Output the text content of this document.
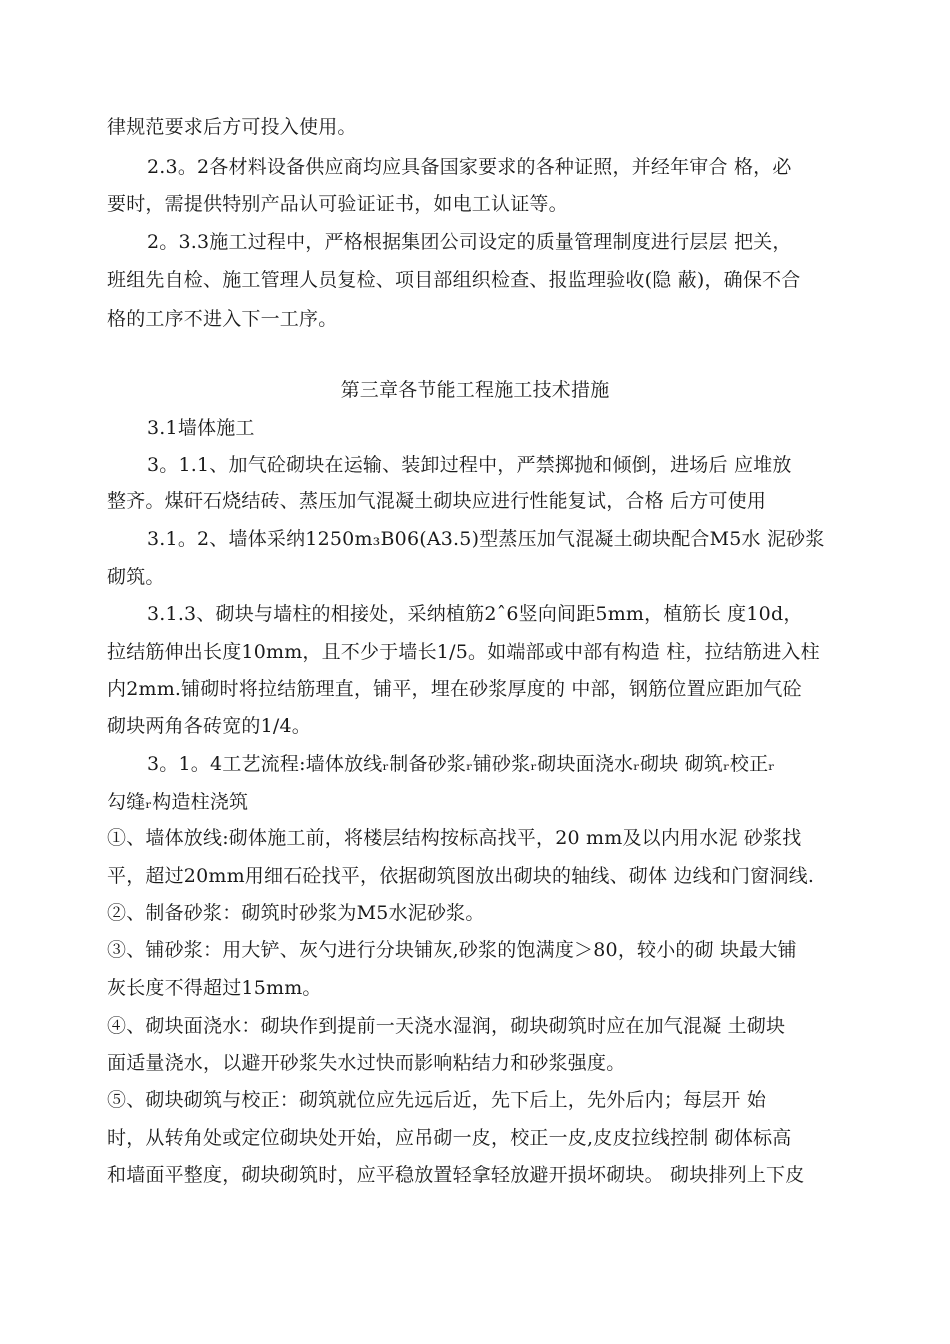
律规范要求后方可投入使用。
2.3。2各材料设备供应商均应具备国家要求的各种证照，并经年审合 格，必
要时，需提供特别产品认可验证证书，如电工认证等。
2。3.3施工过程中，严格根据集团公司设定的质量管理制度进行层层 把关，
班组先自检、施工管理人员复检、项目部组织检查、报监理验收(隐 蔽)，确保不合
格的工序不进入下一工序。
第三章各节能工程施工技术措施
3.1墙体施工
3。1.1、加气砼砌块在运输、装卸过程中，严禁掷抛和倾倒，进场后 应堆放
整齐。煤矸石烧结砖、蒸压加气混凝土砌块应进行性能复试，合格 后方可使用
3.1。2、墙体采纳1250m₃B06(A3.5)型蒸压加气混凝土砌块配合M5水 泥砂浆
砌筑。
3.1.3、砌块与墙柱的相接处，采纳植筋2ˆ6竖向间距5mm，植筋长 度10d，
拉结筋伸出长度10mm，且不少于墙长1/5。如端部或中部有构造 柱，拉结筋进入柱
内2mm.铺砌时将拉结筋理直，铺平，埋在砂浆厚度的 中部，钢筋位置应距加气砼
砌块两角各砖宽的1/4。
3。1。4工艺流程:墙体放线ᵣ制备砂浆ᵣ铺砂浆ᵣ砌块面浇水ᵣ砌块 砌筑ᵣ校正ᵣ
勾缝ᵣ构造柱浇筑
①、墙体放线:砌体施工前，将楼层结构按标高找平，20 mm及以内用水泥 砂浆找
平，超过20mm用细石砼找平，依据砌筑图放出砌块的轴线、砌体 边线和门窗洞线.
②、制备砂浆：砌筑时砂浆为M5水泥砂浆。
③、铺砂浆：用大铲、灰勺进行分块铺灰,砂浆的饱满度＞80，较小的砌 块最大铺
灰长度不得超过15mm。
④、砌块面浇水：砌块作到提前一天浇水湿润，砌块砌筑时应在加气混凝 土砌块
面适量浇水，以避开砂浆失水过快而影响粘结力和砂浆强度。
⑤、砌块砌筑与校正：砌筑就位应先远后近，先下后上，先外后内；每层开 始
时，从转角处或定位砌块处开始，应吊砌一皮，校正一皮,皮皮拉线控制 砌体标高
和墙面平整度，砌块砌筑时，应平稳放置轻拿轻放避开损坏砌块。 砌块排列上下皮
